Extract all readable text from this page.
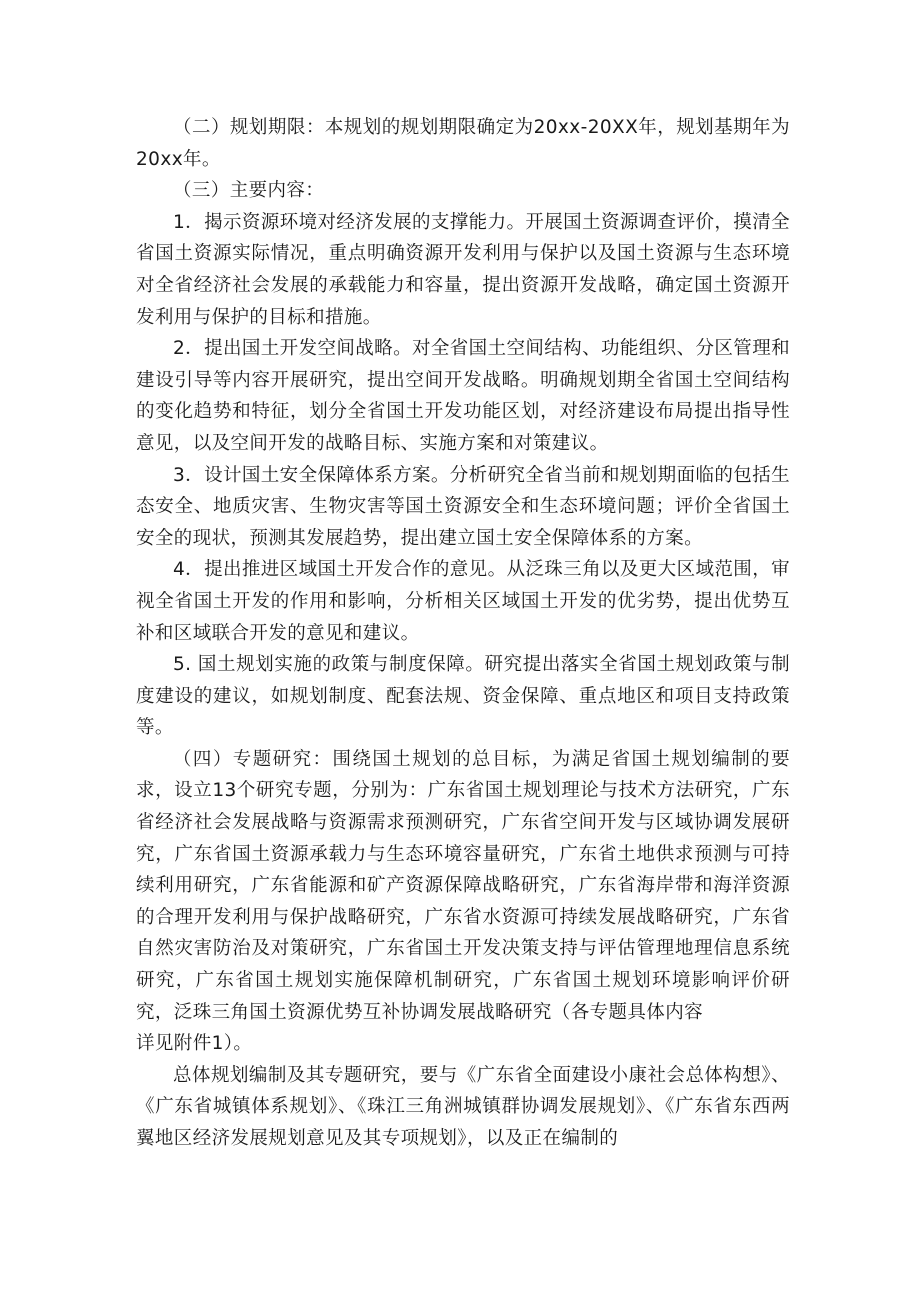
（二）规划期限：本规划的规划期限确定为20xx-20XX年，规划基期年为20xx年。

（三）主要内容：

1．揭示资源环境对经济发展的支撑能力。开展国土资源调查评价，摸清全省国土资源实际情况，重点明确资源开发利用与保护以及国土资源与生态环境对全省经济社会发展的承载能力和容量，提出资源开发战略，确定国土资源开发利用与保护的目标和措施。

2．提出国土开发空间战略。对全省国土空间结构、功能组织、分区管理和建设引导等内容开展研究，提出空间开发战略。明确规划期全省国土空间结构的变化趋势和特征，划分全省国土开发功能区划，对经济建设布局提出指导性意见，以及空间开发的战略目标、实施方案和对策建议。

3．设计国土安全保障体系方案。分析研究全省当前和规划期面临的包括生态安全、地质灾害、生物灾害等国土资源安全和生态环境问题；评价全省国土安全的现状，预测其发展趋势，提出建立国土安全保障体系的方案。

4．提出推进区域国土开发合作的意见。从泛珠三角以及更大区域范围，审视全省国土开发的作用和影响，分析相关区域国土开发的优劣势，提出优势互补和区域联合开发的意见和建议。

5. 国土规划实施的政策与制度保障。研究提出落实全省国土规划政策与制度建设的建议，如规划制度、配套法规、资金保障、重点地区和项目支持政策等。

（四）专题研究：围绕国土规划的总目标，为满足省国土规划编制的要求，设立13个研究专题，分别为：广东省国土规划理论与技术方法研究，广东省经济社会发展战略与资源需求预测研究，广东省空间开发与区域协调发展研究，广东省国土资源承载力与生态环境容量研究，广东省土地供求预测与可持续利用研究，广东省能源和矿产资源保障战略研究，广东省海岸带和海洋资源的合理开发利用与保护战略研究，广东省水资源可持续发展战略研究，广东省自然灾害防治及对策研究，广东省国土开发决策支持与评估管理地理信息系统研究，广东省国土规划实施保障机制研究，广东省国土规划环境影响评价研究，泛珠三角国土资源优势互补协调发展战略研究（各专题具体内容

详见附件1）。

总体规划编制及其专题研究，要与《广东省全面建设小康社会总体构想》、《广东省城镇体系规划》、《珠江三角洲城镇群协调发展规划》、《广东省东西两翼地区经济发展规划意见及其专项规划》，以及正在编制的
